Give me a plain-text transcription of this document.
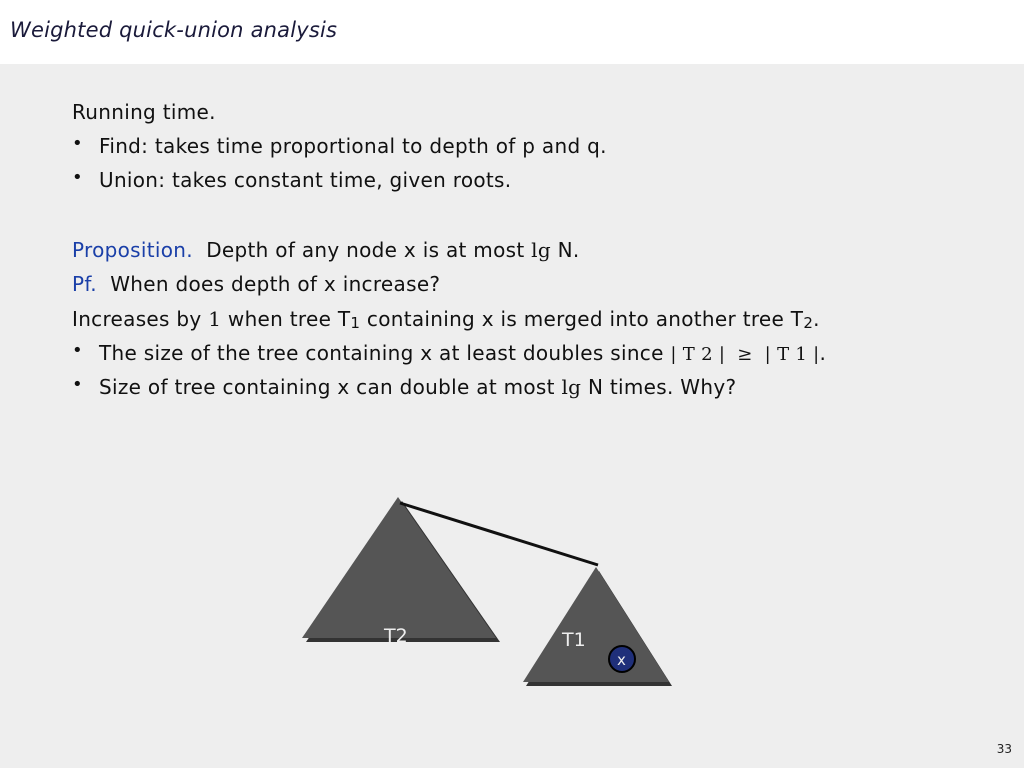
Weighted quick-union analysis
Running time.
• Find: takes time proportional to depth of p and q.
• Union: takes constant time, given roots.
Proposition.  Depth of any node x is at most lg N.
Pf.  When does depth of x increase?
Increases by 1 when tree T1 containing x is merged into another tree T2.
• The size of the tree containing x at least doubles since | T 2 |  ≥  | T 1 |.
• Size of tree containing x can double at most lg N times. Why?
T2	T1
x
33
